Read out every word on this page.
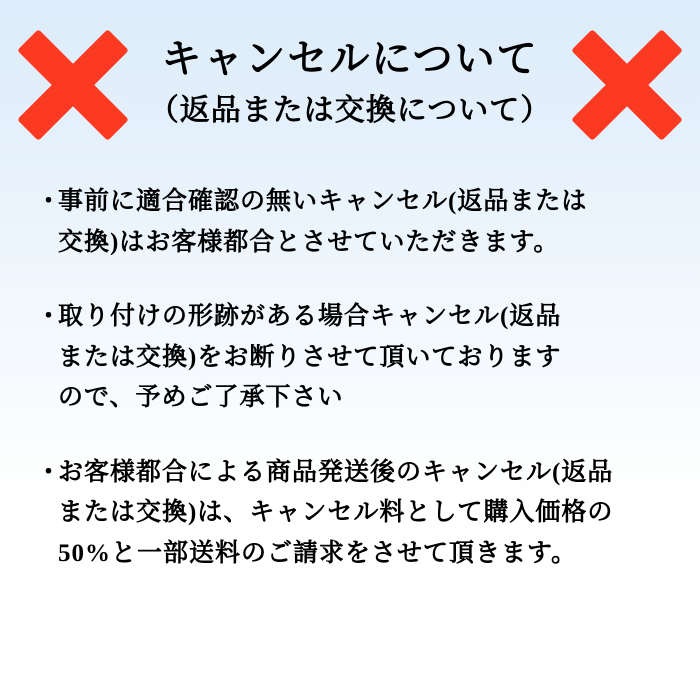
キャンセルについて
（返品または交換について）
・
事前に適合確認の無いキャンセル(返品または
交換)はお客様都合とさせていただきます。
・
取り付けの形跡がある場合キャンセル(返品
または交換)をお断りさせて頂いております
ので、予めご了承下さい
・
お客様都合による商品発送後のキャンセル(返品
または交換)は、キャンセル料として購入価格の
50%と一部送料のご請求をさせて頂きます。
